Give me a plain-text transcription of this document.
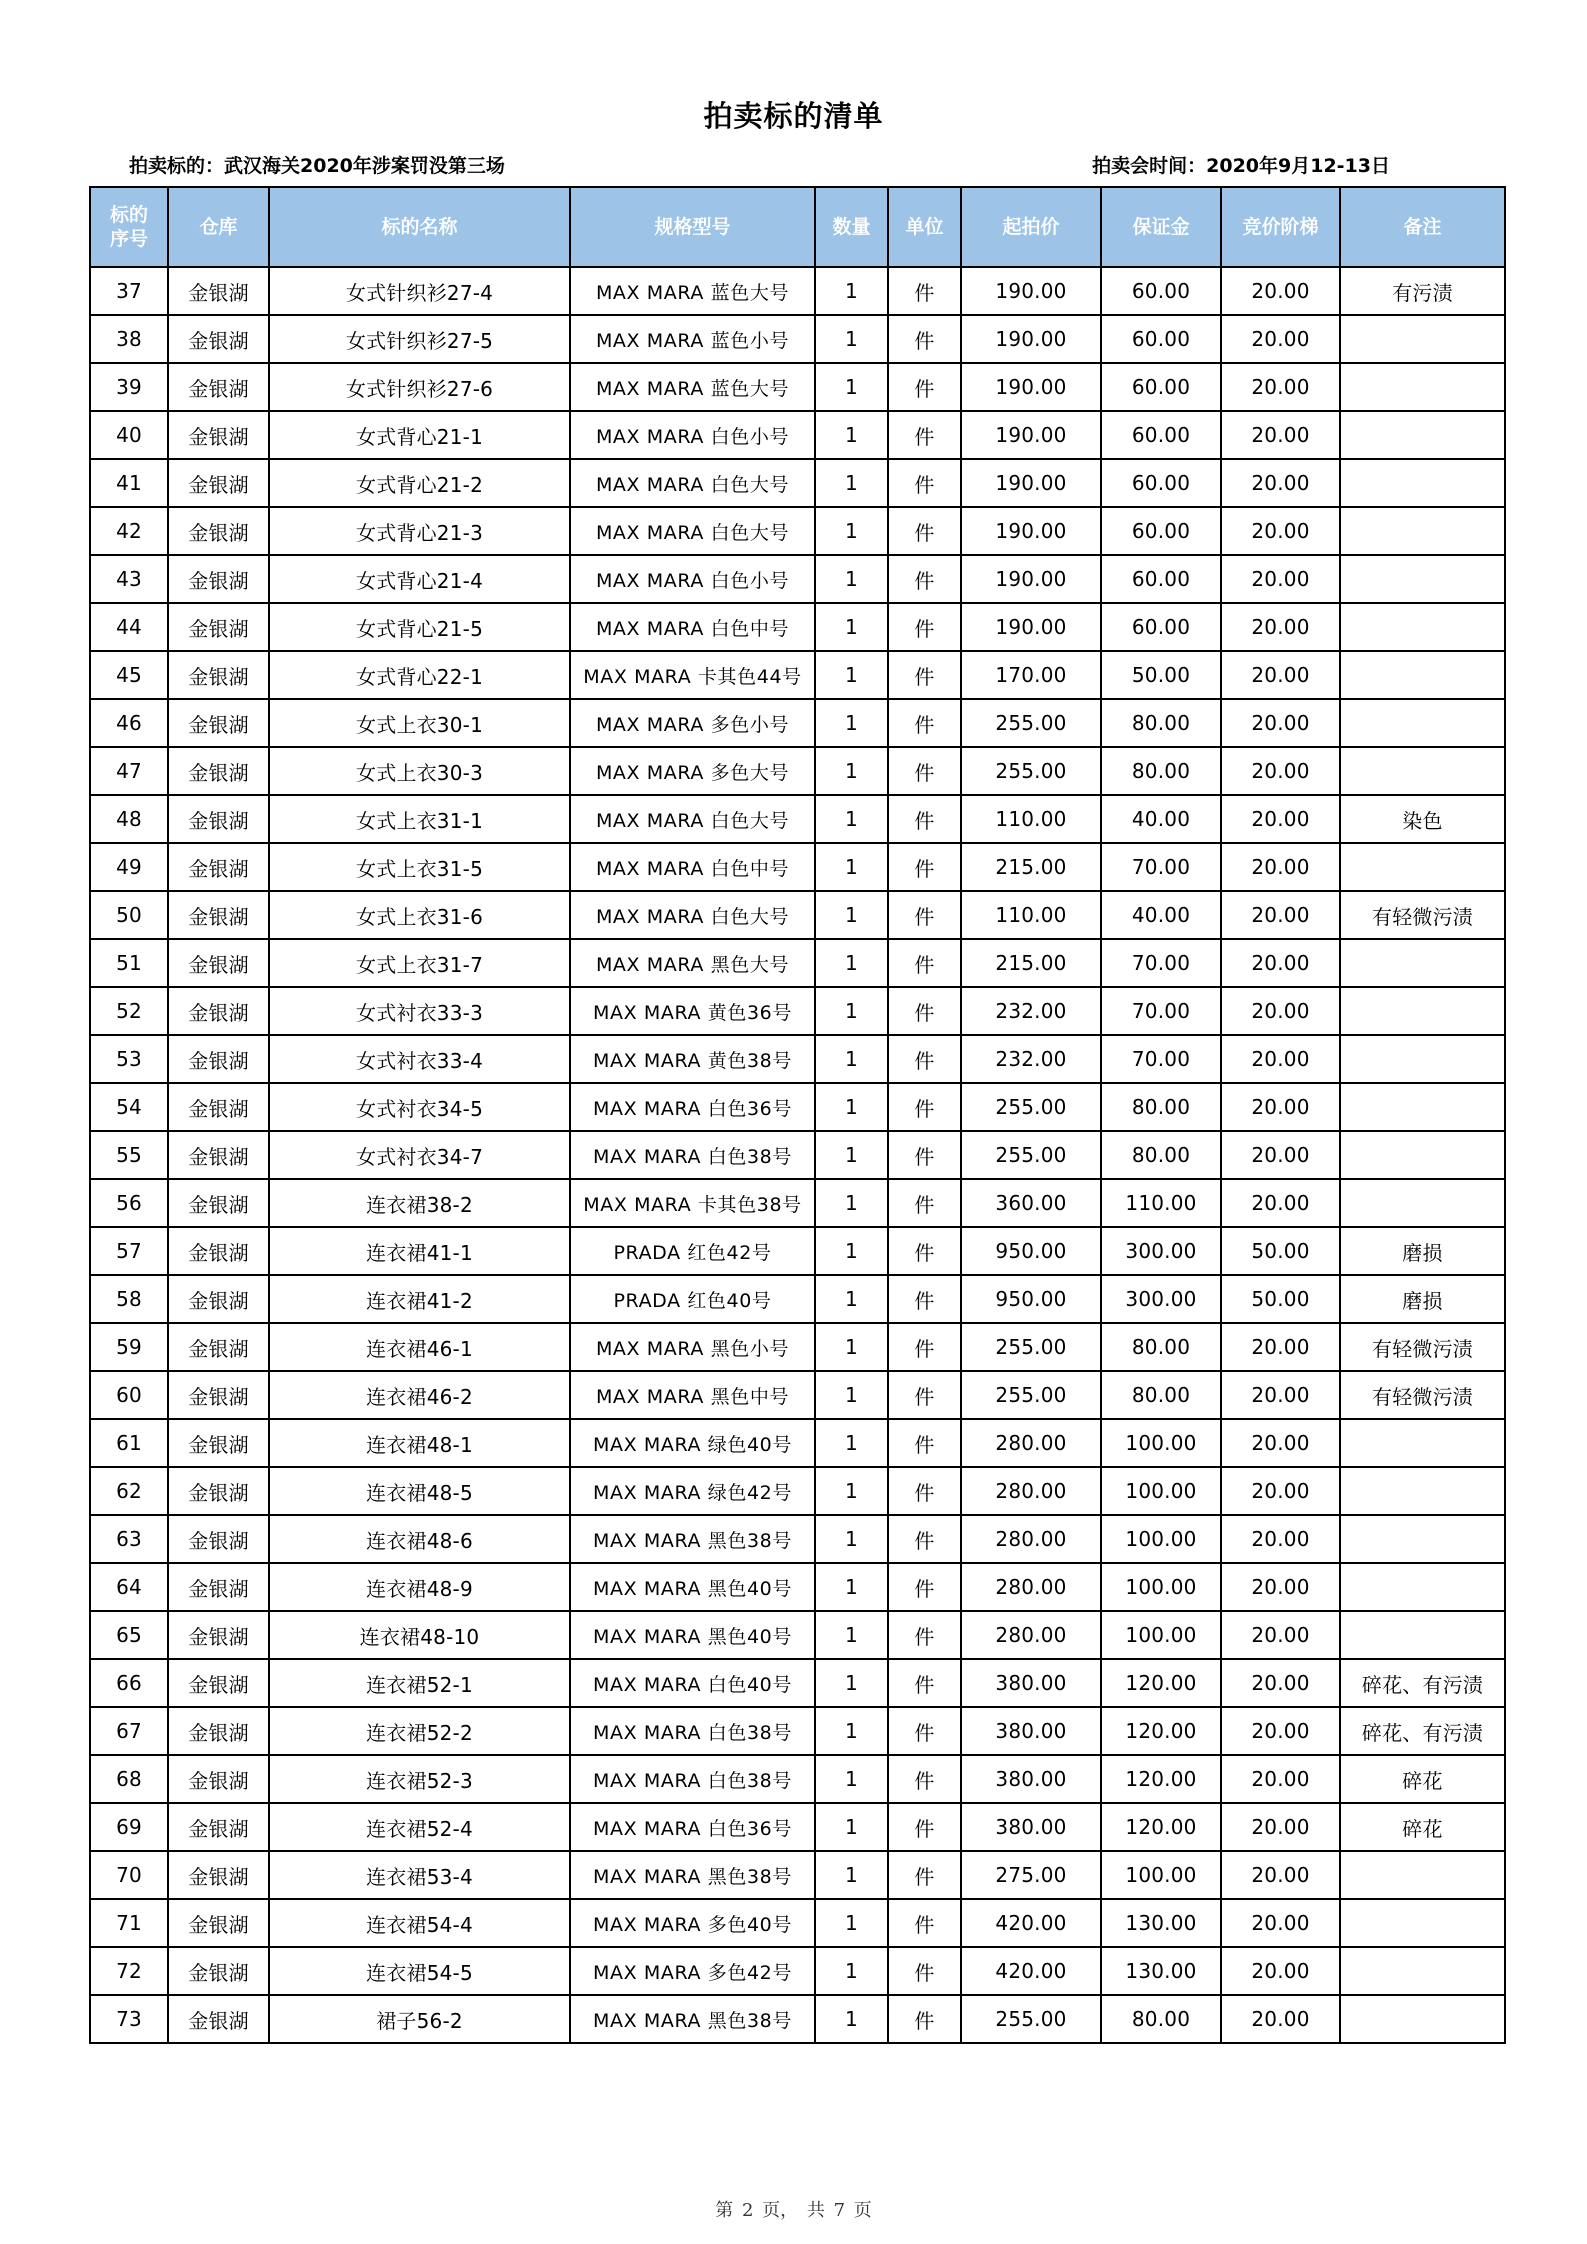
拍卖标的清单
拍卖标的：武汉海关2020年涉案罚没第三场	拍卖会时间：2020年9月12-13日
标的
序号	仓库	标的名称	规格型号	数量	单位	起拍价	保证金	竞价阶梯	备注
37	金银湖	女式针织衫27-4	MAX MARA 蓝色大号	1	件	190.00	60.00	20.00	有污渍
38	金银湖	女式针织衫27-5	MAX MARA 蓝色小号	1	件	190.00	60.00	20.00	
39	金银湖	女式针织衫27-6	MAX MARA 蓝色大号	1	件	190.00	60.00	20.00	
40	金银湖	女式背心21-1	MAX MARA 白色小号	1	件	190.00	60.00	20.00	
41	金银湖	女式背心21-2	MAX MARA 白色大号	1	件	190.00	60.00	20.00	
42	金银湖	女式背心21-3	MAX MARA 白色大号	1	件	190.00	60.00	20.00	
43	金银湖	女式背心21-4	MAX MARA 白色小号	1	件	190.00	60.00	20.00	
44	金银湖	女式背心21-5	MAX MARA 白色中号	1	件	190.00	60.00	20.00	
45	金银湖	女式背心22-1	MAX MARA 卡其色44号	1	件	170.00	50.00	20.00	
46	金银湖	女式上衣30-1	MAX MARA 多色小号	1	件	255.00	80.00	20.00	
47	金银湖	女式上衣30-3	MAX MARA 多色大号	1	件	255.00	80.00	20.00	
48	金银湖	女式上衣31-1	MAX MARA 白色大号	1	件	110.00	40.00	20.00	染色
49	金银湖	女式上衣31-5	MAX MARA 白色中号	1	件	215.00	70.00	20.00	
50	金银湖	女式上衣31-6	MAX MARA 白色大号	1	件	110.00	40.00	20.00	有轻微污渍
51	金银湖	女式上衣31-7	MAX MARA 黑色大号	1	件	215.00	70.00	20.00	
52	金银湖	女式衬衣33-3	MAX MARA 黄色36号	1	件	232.00	70.00	20.00	
53	金银湖	女式衬衣33-4	MAX MARA 黄色38号	1	件	232.00	70.00	20.00	
54	金银湖	女式衬衣34-5	MAX MARA 白色36号	1	件	255.00	80.00	20.00	
55	金银湖	女式衬衣34-7	MAX MARA 白色38号	1	件	255.00	80.00	20.00	
56	金银湖	连衣裙38-2	MAX MARA 卡其色38号	1	件	360.00	110.00	20.00	
57	金银湖	连衣裙41-1	PRADA 红色42号	1	件	950.00	300.00	50.00	磨损
58	金银湖	连衣裙41-2	PRADA 红色40号	1	件	950.00	300.00	50.00	磨损
59	金银湖	连衣裙46-1	MAX MARA 黑色小号	1	件	255.00	80.00	20.00	有轻微污渍
60	金银湖	连衣裙46-2	MAX MARA 黑色中号	1	件	255.00	80.00	20.00	有轻微污渍
61	金银湖	连衣裙48-1	MAX MARA 绿色40号	1	件	280.00	100.00	20.00	
62	金银湖	连衣裙48-5	MAX MARA 绿色42号	1	件	280.00	100.00	20.00	
63	金银湖	连衣裙48-6	MAX MARA 黑色38号	1	件	280.00	100.00	20.00	
64	金银湖	连衣裙48-9	MAX MARA 黑色40号	1	件	280.00	100.00	20.00	
65	金银湖	连衣裙48-10	MAX MARA 黑色40号	1	件	280.00	100.00	20.00	
66	金银湖	连衣裙52-1	MAX MARA 白色40号	1	件	380.00	120.00	20.00	碎花、有污渍
67	金银湖	连衣裙52-2	MAX MARA 白色38号	1	件	380.00	120.00	20.00	碎花、有污渍
68	金银湖	连衣裙52-3	MAX MARA 白色38号	1	件	380.00	120.00	20.00	碎花
69	金银湖	连衣裙52-4	MAX MARA 白色36号	1	件	380.00	120.00	20.00	碎花
70	金银湖	连衣裙53-4	MAX MARA 黑色38号	1	件	275.00	100.00	20.00	
71	金银湖	连衣裙54-4	MAX MARA 多色40号	1	件	420.00	130.00	20.00	
72	金银湖	连衣裙54-5	MAX MARA 多色42号	1	件	420.00	130.00	20.00	
73	金银湖	裙子56-2	MAX MARA 黑色38号	1	件	255.00	80.00	20.00	
第 2 页， 共 7 页
